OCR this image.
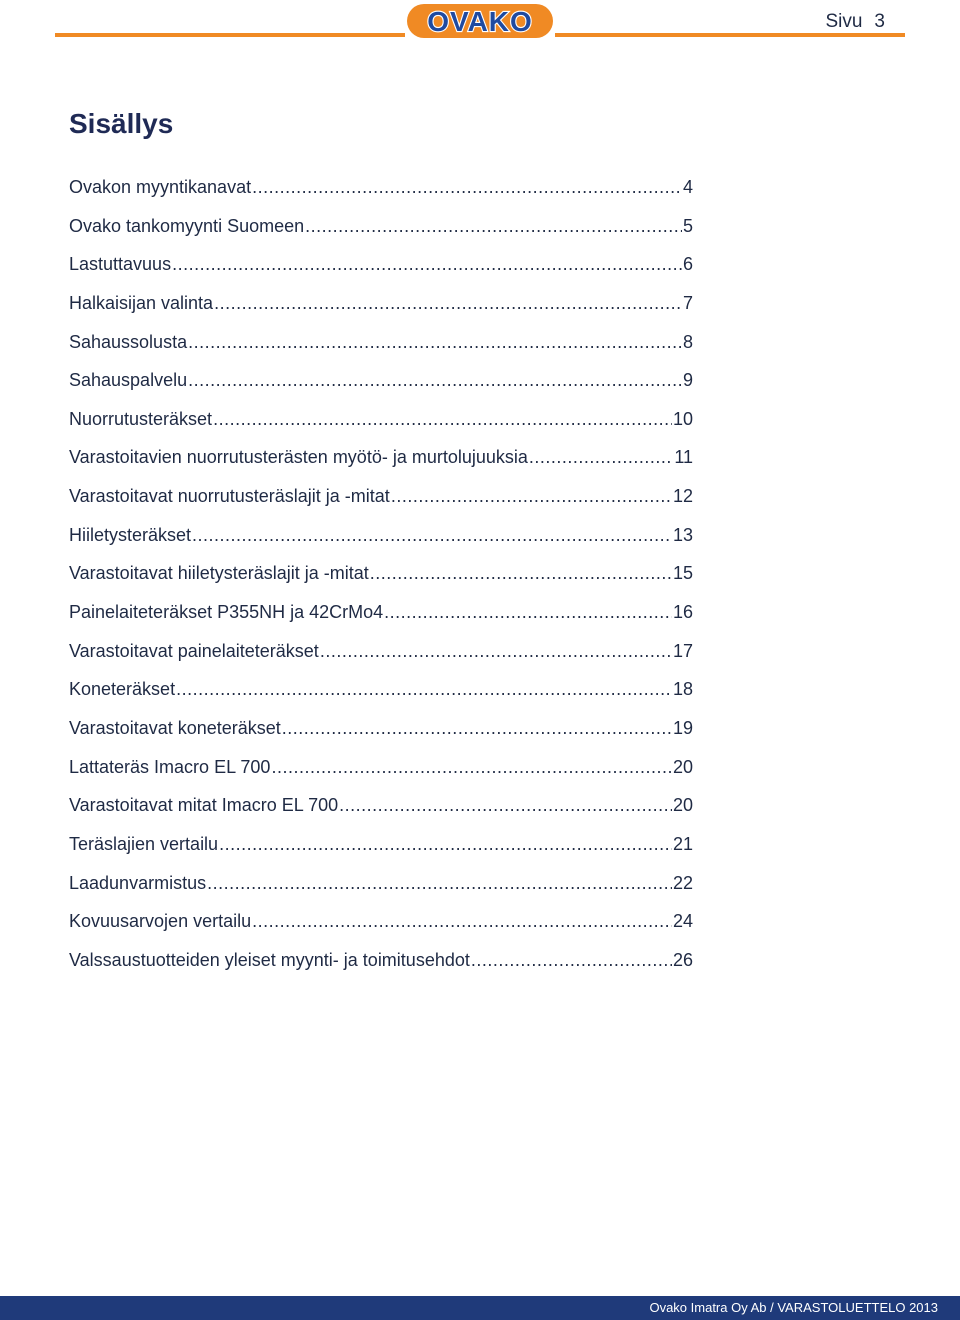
OVAKO	Sivu 3
Sisällys
Ovakon myyntikanavat .....	4
Ovako tankomyynti Suomeen .....	5
Lastuttavuus .....	6
Halkaisijan valinta .....	7
Sahaussolusta .....	8
Sahauspalvelu .....	9
Nuorrutusteräkset .....	10
Varastoitavien nuorrutusterästen myötö- ja murtolujuuksia .....	11
Varastoitavat nuorrutusteräslajit ja -mitat .....	12
Hiiletysteräkset .....	13
Varastoitavat hiiletysteräslajit ja -mitat .....	15
Painelaiteteräkset P355NH ja 42CrMo4 .....	16
Varastoitavat painelaiteteräkset .....	17
Koneteräkset .....	18
Varastoitavat koneteräkset .....	19
Lattateräs Imacro EL 700 .....	20
Varastoitavat mitat Imacro EL 700 .....	20
Teräslajien vertailu .....	21
Laadunvarmistus .....	22
Kovuusarvojen vertailu .....	24
Valssaustuotteiden yleiset myynti- ja toimitusehdot .....	26
Ovako Imatra Oy Ab / VARASTOLUETTELO 2013
